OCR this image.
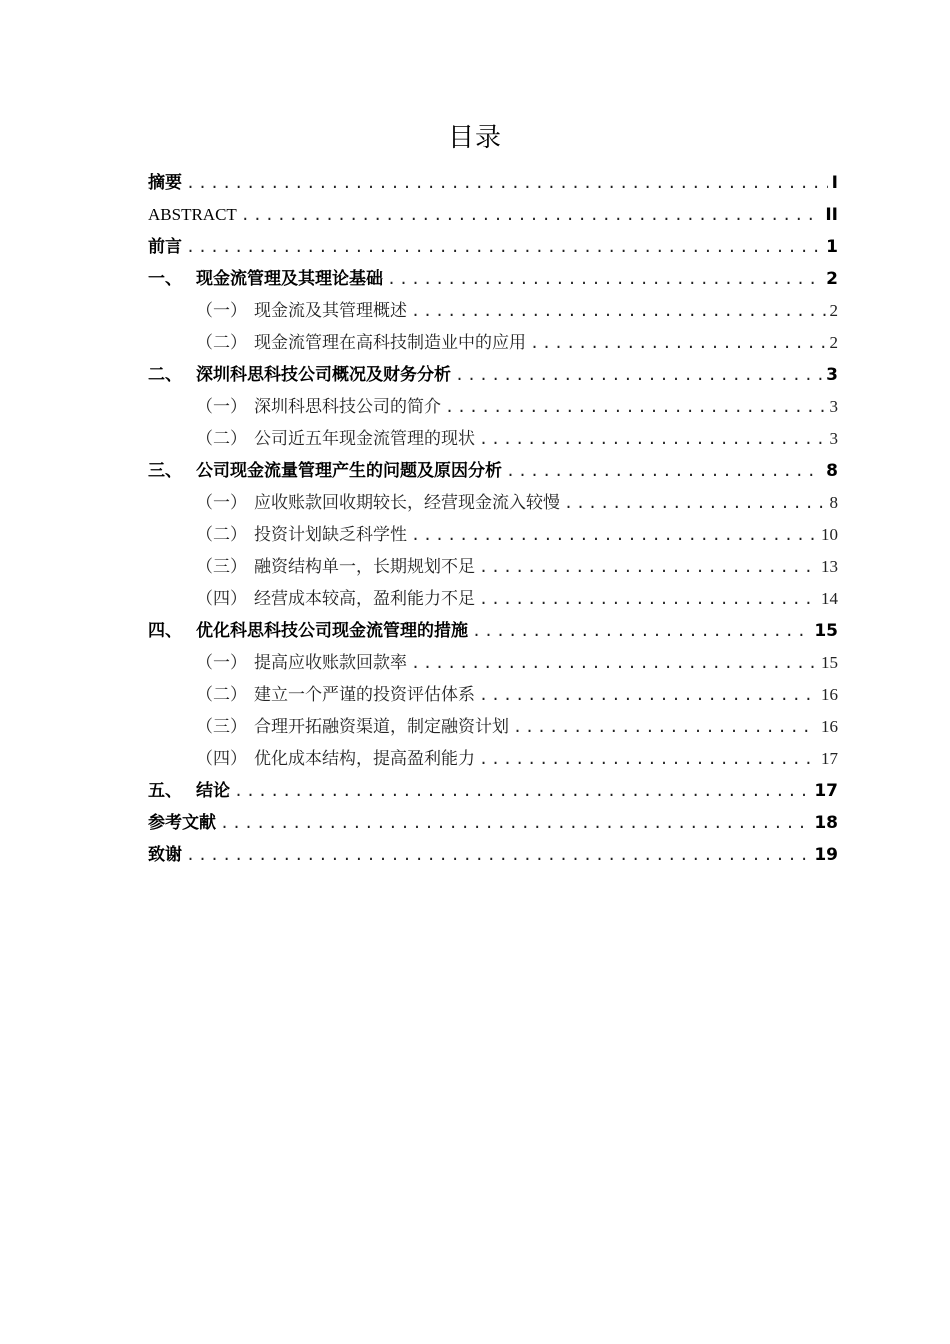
目录
摘要 .....	I
ABSTRACT .....	II
前言 .....	1
一、 现金流管理及其理论基础 .....	2
（一） 现金流及其管理概述 .....	2
（二） 现金流管理在高科技制造业中的应用 .....	2
二、 深圳科思科技公司概况及财务分析 .....	3
（一） 深圳科思科技公司的简介 .....	3
（二） 公司近五年现金流管理的现状 .....	3
三、 公司现金流量管理产生的问题及原因分析 .....	8
（一） 应收账款回收期较长，经营现金流入较慢 .....	8
（二） 投资计划缺乏科学性 .....	10
（三） 融资结构单一，长期规划不足 .....	13
（四） 经营成本较高，盈利能力不足 .....	14
四、 优化科思科技公司现金流管理的措施 .....	15
（一） 提高应收账款回款率 .....	15
（二） 建立一个严谨的投资评估体系 .....	16
（三） 合理开拓融资渠道，制定融资计划 .....	16
（四） 优化成本结构，提高盈利能力 .....	17
五、 结论 .....	17
参考文献 .....	18
致谢 .....	19
